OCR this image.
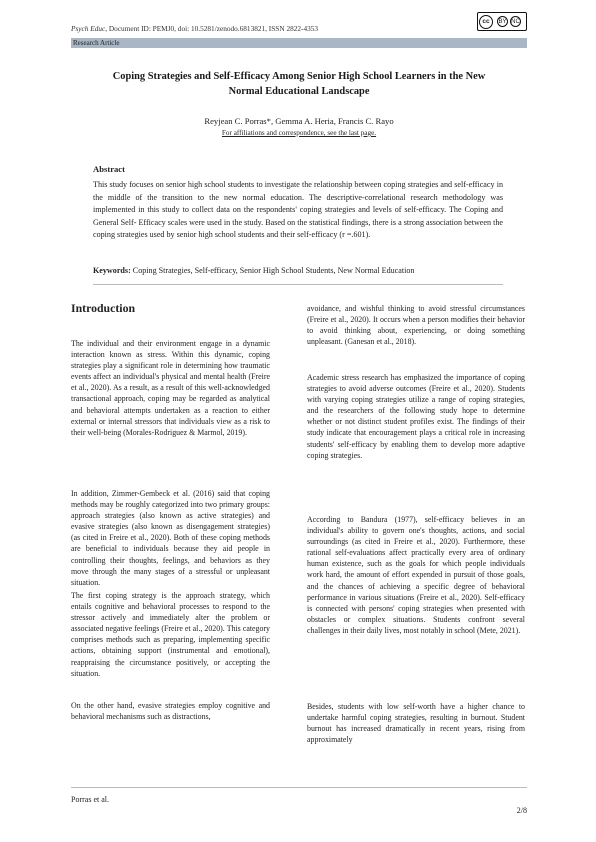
Psych Educ, Document ID: PEMJ0, doi: 10.5281/zenodo.6813821, ISSN 2822-4353
cc	BY NC
Research Article
Coping Strategies and Self-Efficacy Among Senior High School Learners in the New
Normal Educational Landscape
Reyjean C. Porras*, Gemma A. Heria, Francis C. Rayo
For affiliations and correspondence, see the last page.
Abstract
This study focuses on senior high school students to investigate the relationship between coping strategies and self-efficacy in the middle of the transition to the new normal education. The descriptive-correlational research methodology was implemented in this study to collect data on the respondents' coping strategies and levels of self-efficacy. The Coping and General Self- Efficacy scales were used in the study. Based on the statistical findings, there is a strong association between the coping strategies used by senior high school students and their self-efficacy (r =.601).
Keywords: Coping Strategies, Self-efficacy, Senior High School Students, New Normal Education
Introduction
The individual and their environment engage in a dynamic interaction known as stress. Within this dynamic, coping strategies play a significant role in determining how traumatic events affect an individual's physical and mental health (Freire et al., 2020). As a result, as a result of this well-acknowledged transactional approach, coping may be regarded as analytical and behavioral attempts undertaken as a reaction to either external or internal stressors that individuals view as a risk to their well-being (Morales-Rodriguez & Marmol, 2019).
In addition, Zimmer-Gembeck et al. (2016) said that coping methods may be roughly categorized into two primary groups: approach strategies (also known as active strategies) and evasive strategies (also known as disengagement strategies) (as cited in Freire et al., 2020). Both of these coping methods are beneficial to individuals because they aid people in controlling their thoughts, feelings, and behaviors as they move through the many stages of a stressful or unpleasant situation.
The first coping strategy is the approach strategy, which entails cognitive and behavioral processes to respond to the stressor actively and immediately alter the problem or associated negative feelings (Freire et al., 2020). This category comprises methods such as preparing, implementing specific actions, obtaining support (instrumental and emotional), reappraising the circumstance positively, or accepting the situation.
On the other hand, evasive strategies employ cognitive and behavioral mechanisms such as distractions,
avoidance, and wishful thinking to avoid stressful circumstances (Freire et al., 2020). It occurs when a person modifies their behavior to avoid thinking about, experiencing, or doing something unpleasant. (Ganesan et al., 2018).
Academic stress research has emphasized the importance of coping strategies to avoid adverse outcomes (Freire et al., 2020). Students with varying coping strategies utilize a range of coping strategies, and the researchers of the following study hope to determine whether or not distinct student profiles exist. The findings of their study indicate that encouragement plays a critical role in increasing students' self-efficacy by enabling them to develop more adaptive coping strategies.
According to Bandura (1977), self-efficacy believes in an individual's ability to govern one's thoughts, actions, and social surroundings (as cited in Freire et al., 2020). Furthermore, these rational self-evaluations affect practically every area of ordinary human existence, such as the goals for which people individuals work hard, the amount of effort expended in pursuit of those goals, and the chances of achieving a specific degree of behavioral performance in various situations (Freire et al., 2020). Self-efficacy is connected with persons' coping strategies when presented with obstacles or complex situations. Students confront several challenges in their daily lives, most notably in school (Mete, 2021).
Besides, students with low self-worth have a higher chance to undertake harmful coping strategies, resulting in burnout. Student burnout has increased dramatically in recent years, rising from approximately
Porras et al.
2/8
